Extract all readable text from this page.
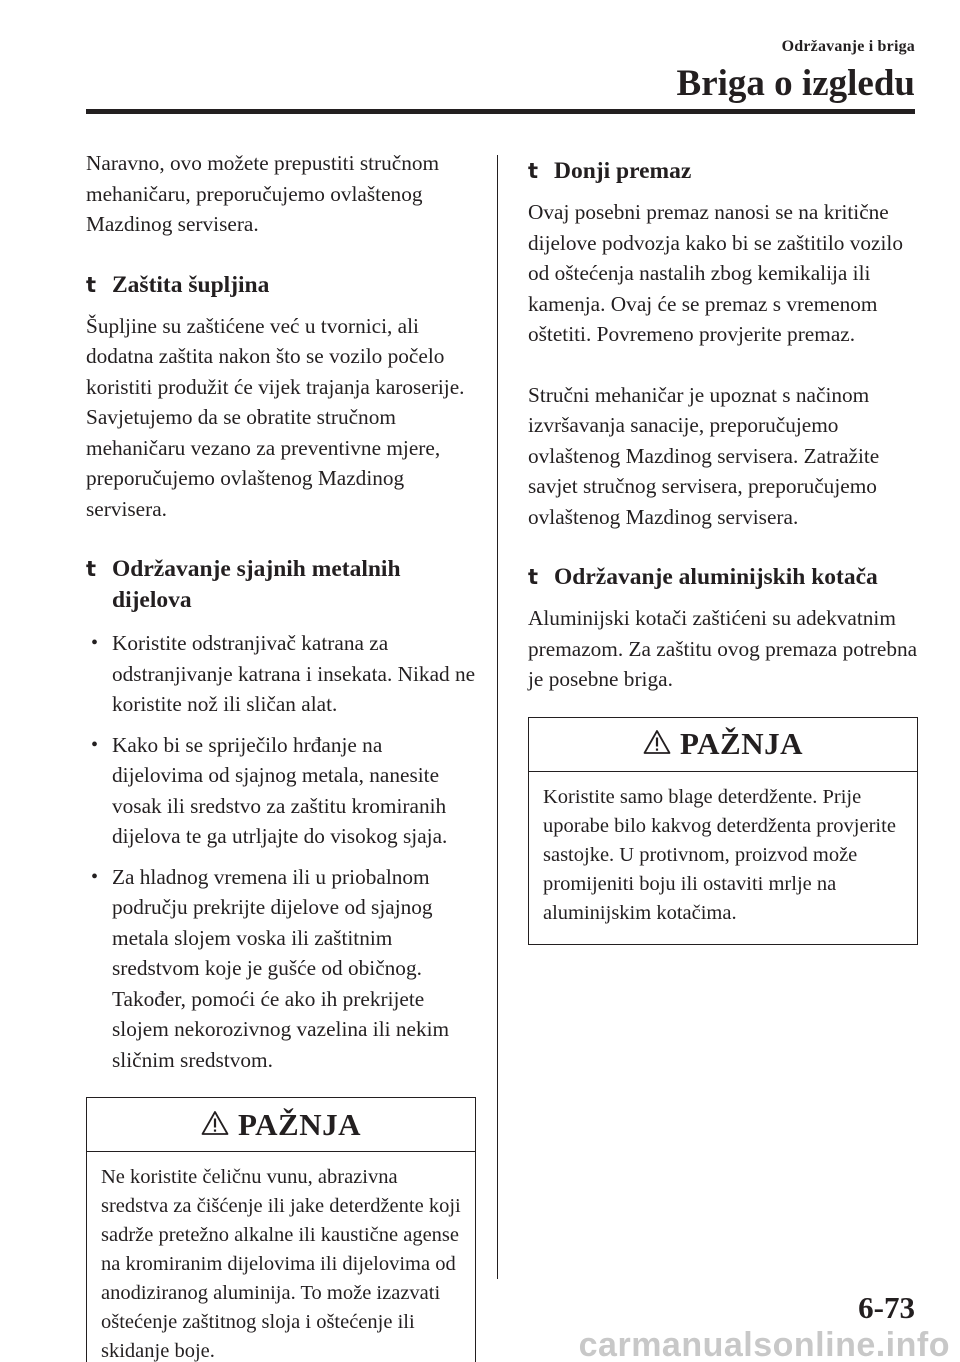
Održavanje i briga
Briga o izgledu

Naravno, ovo možete prepustiti stručnom mehaničaru, preporučujemo ovlaštenog Mazdinog servisera.

t Zaštita šupljina

Šupljine su zaštićene već u tvornici, ali dodatna zaštita nakon što se vozilo počelo koristiti produžit će vijek trajanja karoserije. Savjetujemo da se obratite stručnom mehaničaru vezano za preventivne mjere, preporučujemo ovlaštenog Mazdinog servisera.

t Održavanje sjajnih metalnih dijelova
• Koristite odstranjivač katrana za odstranjivanje katrana i insekata. Nikad ne koristite nož ili sličan alat.
• Kako bi se spriječilo hrđanje na dijelovima od sjajnog metala, nanesite vosak ili sredstvo za zaštitu kromiranih dijelova te ga utrljajte do visokog sjaja.
• Za hladnog vremena ili u priobalnom području prekrijte dijelove od sjajnog metala slojem voska ili zaštitnim sredstvom koje je gušće od običnog. Također, pomoći će ako ih prekrijete slojem nekorozivnog vazelina ili nekim sličnim sredstvom.
PAŽNJA
Ne koristite čeličnu vunu, abrazivna sredstva za čišćenje ili jake deterdžente koji sadrže pretežno alkalne ili kaustične agense na kromiranim dijelovima ili dijelovima od anodiziranog aluminija. To može izazvati oštećenje zaštitnog sloja i oštećenje ili skidanje boje.
t Donji premaz

Ovaj posebni premaz nanosi se na kritične dijelove podvozja kako bi se zaštitilo vozilo od oštećenja nastalih zbog kemikalija ili kamenja. Ovaj će se premaz s vremenom oštetiti. Povremeno provjerite premaz.

Stručni mehaničar je upoznat s načinom izvršavanja sanacije, preporučujemo ovlaštenog Mazdinog servisera. Zatražite savjet stručnog servisera, preporučujemo ovlaštenog Mazdinog servisera.

t Održavanje aluminijskih kotača

Aluminijski kotači zaštićeni su adekvatnim premazom. Za zaštitu ovog premaza potrebna je posebne briga.

PAŽNJA
Koristite samo blage deterdžente. Prije uporabe bilo kakvog deterdženta provjerite sastojke. U protivnom, proizvod može promijeniti boju ili ostaviti mrlje na aluminijskim kotačima.
6-73
carmanualsonline.info
